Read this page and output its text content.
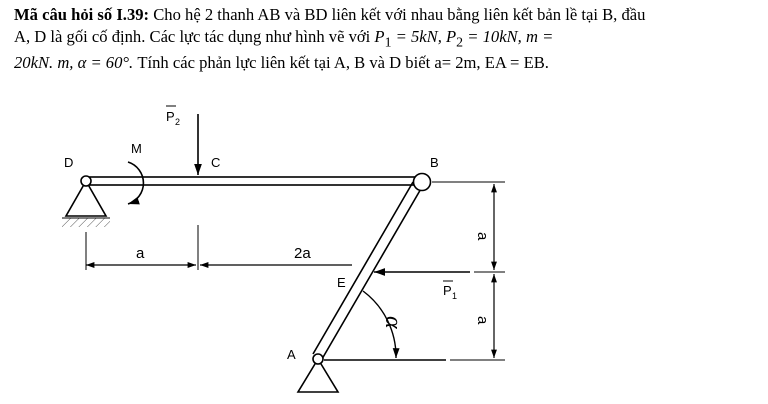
Mã câu hỏi số I.39: Cho hệ 2 thanh AB và BD liên kết với nhau bằng liên kết bản lề tại B, đầu
A, D là gối cố định. Các lực tác dụng như hình vẽ với $P_1 = 5kN$, $P_2 = 10kN$, m =
20kN. m, α = 60°. Tính các phản lực liên kết tại A, B và D biết a= 2m, EA = EB.
D
M
C	B
E
A
P 2
P 1
a	2a
a
a
α
